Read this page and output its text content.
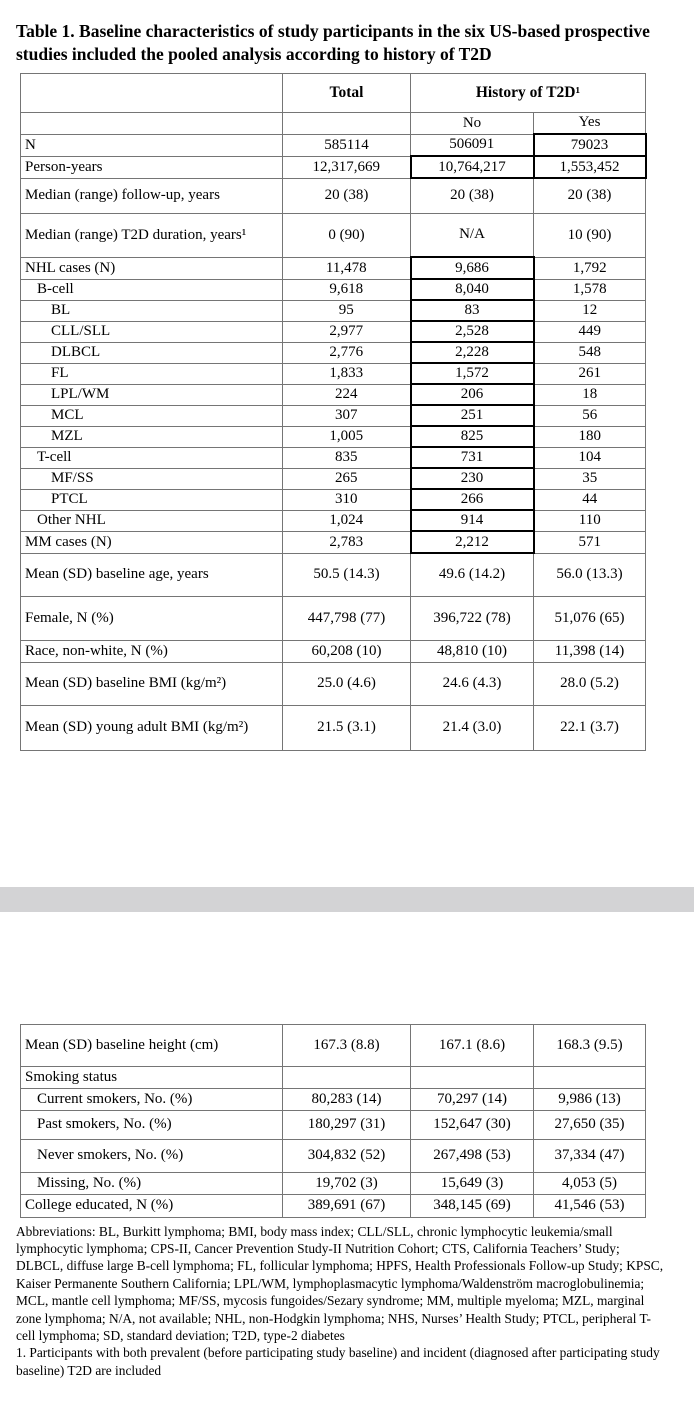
Table 1. Baseline characteristics of study participants in the six US-based prospective studies included the pooled analysis according to history of T2D
	Total	History of T2D¹	
		No	Yes
N	585114	506091	79023
Person-years	12,317,669	10,764,217	1,553,452
Median (range) follow-up, years	20 (38)	20 (38)	20 (38)
Median (range) T2D duration, years¹	0 (90)	N/A	10 (90)
NHL cases (N)	11,478	9,686	1,792
B-cell	9,618	8,040	1,578
BL	95	83	12
CLL/SLL	2,977	2,528	449
DLBCL	2,776	2,228	548
FL	1,833	1,572	261
LPL/WM	224	206	18
MCL	307	251	56
MZL	1,005	825	180
T-cell	835	731	104
MF/SS	265	230	35
PTCL	310	266	44
Other NHL	1,024	914	110
MM cases (N)	2,783	2,212	571
Mean (SD) baseline age, years	50.5 (14.3)	49.6 (14.2)	56.0 (13.3)
Female, N (%)	447,798 (77)	396,722 (78)	51,076 (65)
Race, non-white, N (%)	60,208 (10)	48,810 (10)	11,398 (14)
Mean (SD) baseline BMI (kg/m²)	25.0 (4.6)	24.6 (4.3)	28.0 (5.2)
Mean (SD) young adult BMI (kg/m²)	21.5 (3.1)	21.4 (3.0)	22.1 (3.7)
Mean (SD) baseline height (cm)	167.3 (8.8)	167.1 (8.6)	168.3 (9.5)
Smoking status			
Current smokers, No. (%)	80,283 (14)	70,297 (14)	9,986 (13)
Past smokers, No. (%)	180,297 (31)	152,647 (30)	27,650 (35)
Never smokers, No. (%)	304,832 (52)	267,498 (53)	37,334 (47)
Missing, No. (%)	19,702 (3)	15,649 (3)	4,053 (5)
College educated, N (%)	389,691 (67)	348,145 (69)	41,546 (53)

Abbreviations: BL, Burkitt lymphoma; BMI, body mass index; CLL/SLL, chronic lymphocytic leukemia/small lymphocytic lymphoma; CPS-II, Cancer Prevention Study-II Nutrition Cohort; CTS, California Teachers’ Study; DLBCL, diffuse large B-cell lymphoma; FL, follicular lymphoma; HPFS, Health Professionals Follow-up Study; KPSC, Kaiser Permanente Southern California; LPL/WM, lymphoplasmacytic lymphoma/Waldenström macroglobulinemia; MCL, mantle cell lymphoma; MF/SS, mycosis fungoides/Sezary syndrome; MM, multiple myeloma; MZL, marginal zone lymphoma; N/A, not available; NHL, non-Hodgkin lymphoma; NHS, Nurses’ Health Study; PTCL, peripheral T-cell lymphoma; SD, standard deviation; T2D, type-2 diabetes

1. Participants with both prevalent (before participating study baseline) and incident (diagnosed after participating study baseline) T2D are included
